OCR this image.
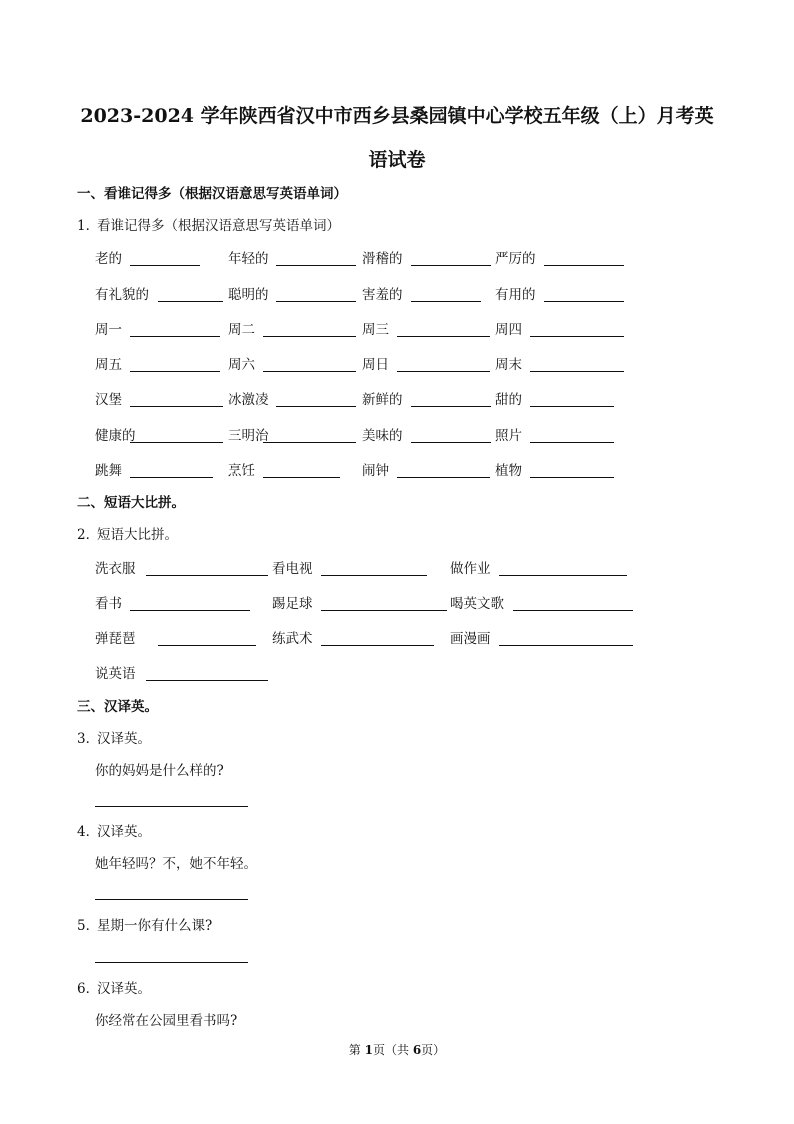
2023-2024 学年陕西省汉中市西乡县桑园镇中心学校五年级（上）月考英
语试卷

一、看谁记得多（根据汉语意思写英语单词）

1．看谁记得多（根据汉语意思写英语单词）

老的	年轻的	滑稽的	严厉的
有礼貌的	聪明的	害羞的	有用的
周一	周二	周三	周四
周五	周六	周日	周末
汉堡	冰激凌	新鲜的	甜的
健康的	三明治	美味的	照片
跳舞	烹饪	闹钟	植物

二、短语大比拼。

2．短语大比拼。

洗衣服	看电视	做作业
看书	踢足球	喝英文歌
弹琵琶	练武术	画漫画
说英语

三、汉译英。

3．汉译英。

你的妈妈是什么样的?

4．汉译英。

她年轻吗？不，她不年轻。

5．星期一你有什么课?

6．汉译英。

你经常在公园里看书吗?

第 1页（共 6页）
